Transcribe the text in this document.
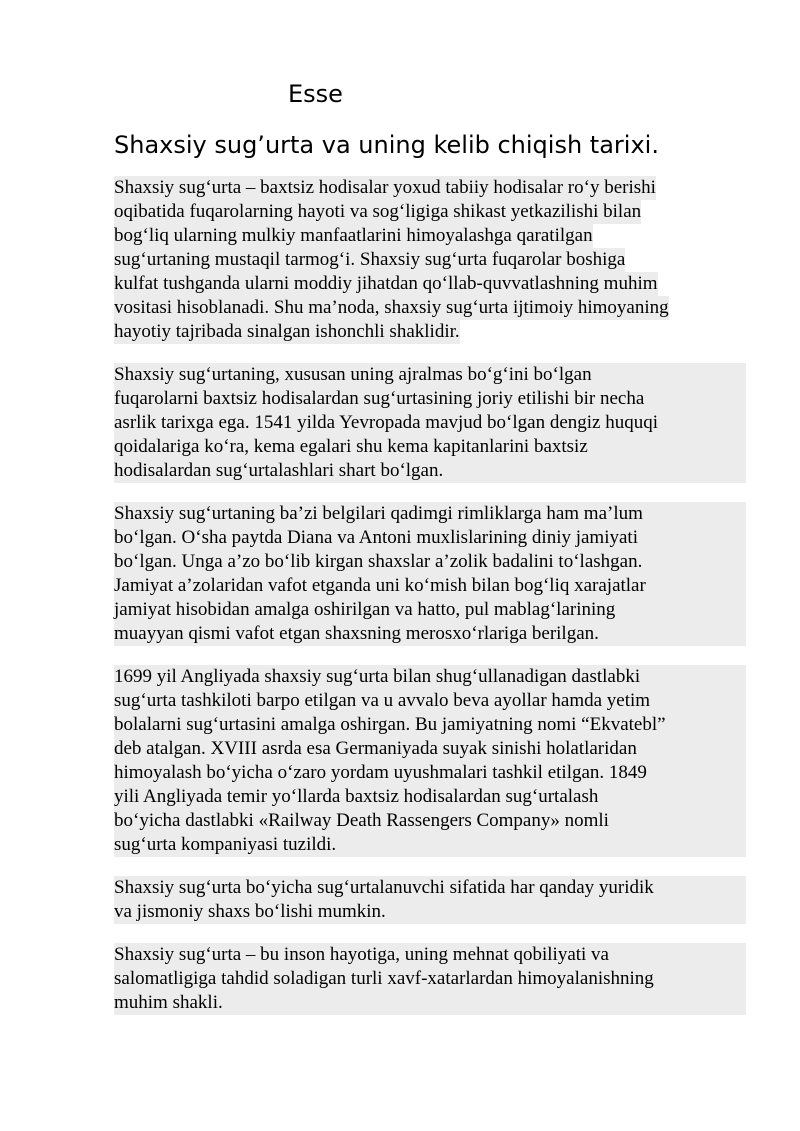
Esse
Shaxsiy sug’urta va uning kelib chiqish tarixi.

Shaxsiy sug‘urta – baxtsiz hodisalar yoxud tabiiy hodisalar ro‘y berishi
oqibatida fuqarolarning hayoti va sog‘ligiga shikast yetkazilishi bilan
bog‘liq ularning mulkiy manfaatlarini himoyalashga qaratilgan
sug‘urtaning mustaqil tarmog‘i. Shaxsiy sug‘urta fuqarolar boshiga
kulfat tushganda ularni moddiy jihatdan qo‘llab-quvvatlashning muhim
vositasi hisoblanadi. Shu ma’noda, shaxsiy sug‘urta ijtimoiy himoyaning
hayotiy tajribada sinalgan ishonchli shaklidir.

Shaxsiy sug‘urtaning, xususan uning ajralmas bo‘g‘ini bo‘lgan
fuqarolarni baxtsiz hodisalardan sug‘urtasining joriy etilishi bir necha
asrlik tarixga ega. 1541 yilda Yevropada mavjud bo‘lgan dengiz huquqi
qoidalariga ko‘ra, kema egalari shu kema kapitanlarini baxtsiz
hodisalardan sug‘urtalashlari shart bo‘lgan.

Shaxsiy sug‘urtaning ba’zi belgilari qadimgi rimliklarga ham ma’lum
bo‘lgan. O‘sha paytda Diana va Antoni muxlislarining diniy jamiyati
bo‘lgan. Unga a’zo bo‘lib kirgan shaxslar a’zolik badalini to‘lashgan.
Jamiyat a’zolaridan vafot etganda uni ko‘mish bilan bog‘liq xarajatlar
jamiyat hisobidan amalga oshirilgan va hatto, pul mablag‘larining
muayyan qismi vafot etgan shaxsning merosxo‘rlariga berilgan.

1699 yil Angliyada shaxsiy sug‘urta bilan shug‘ullanadigan dastlabki
sug‘urta tashkiloti barpo etilgan va u avvalo beva ayollar hamda yetim
bolalarni sug‘urtasini amalga oshirgan. Bu jamiyatning nomi “Ekvatebl”
deb atalgan. XVIII asrda esa Germaniyada suyak sinishi holatlaridan
himoyalash bo‘yicha o‘zaro yordam uyushmalari tashkil etilgan. 1849
yili Angliyada temir yo‘llarda baxtsiz hodisalardan sug‘urtalash
bo‘yicha dastlabki «Railway Death Rassengers Company» nomli
sug‘urta kompaniyasi tuzildi.

Shaxsiy sug‘urta bo‘yicha sug‘urtalanuvchi sifatida har qanday yuridik
va jismoniy shaxs bo‘lishi mumkin.

Shaxsiy sug‘urta – bu inson hayotiga, uning mehnat qobiliyati va
salomatligiga tahdid soladigan turli xavf-xatarlardan himoyalanishning
muhim shakli.
